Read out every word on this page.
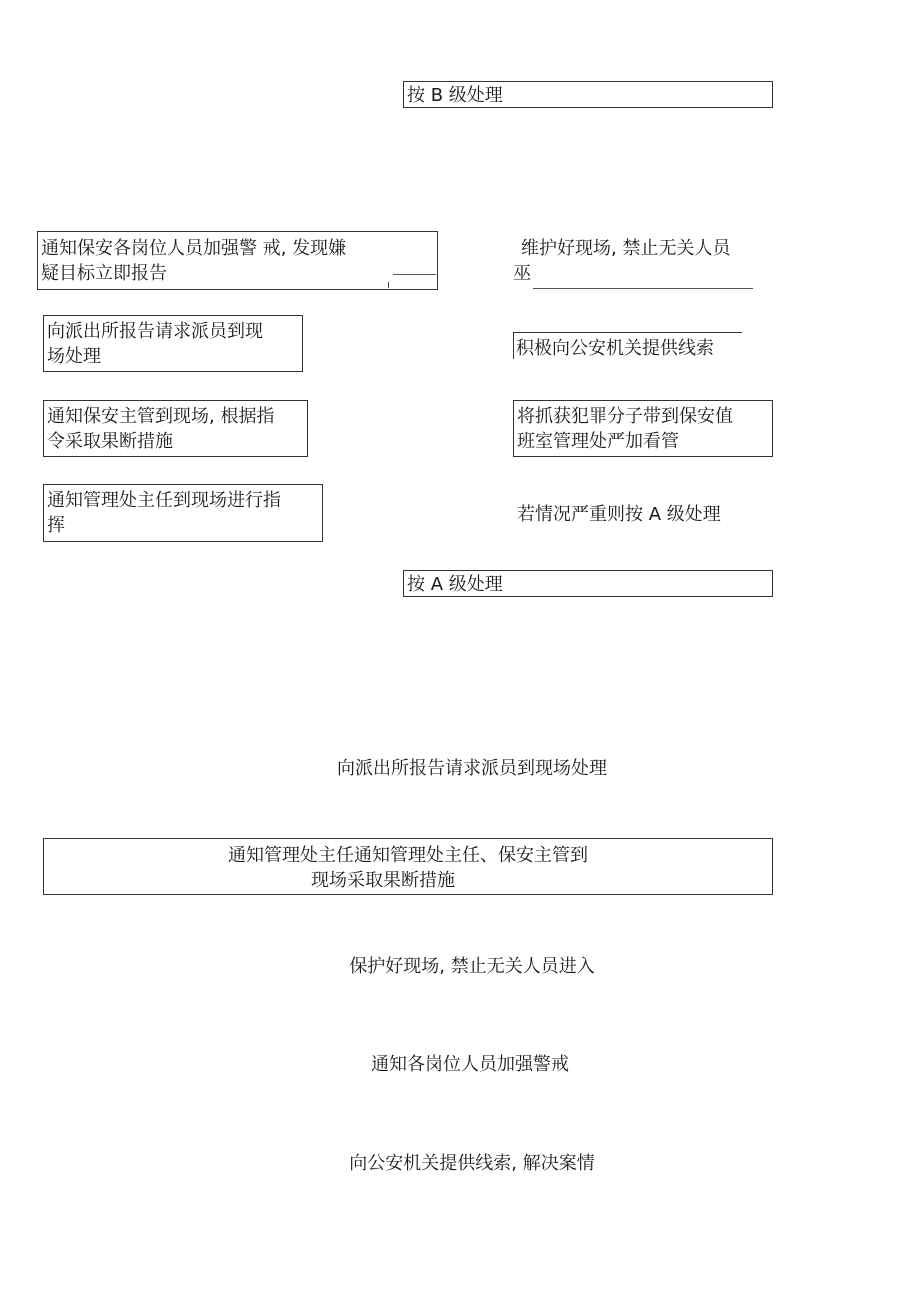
按 B 级处理
通知保安各岗位人员加强警 戒, 发现嫌
疑目标立即报告
向派出所报告请求派员到现
场处理
通知保安主管到现场, 根据指
令采取果断措施
通知管理处主任到现场进行指
挥
维护好现场, 禁止无关人员
巫
积极向公安机关提供线索
将抓获犯罪分子带到保安值
班室管理处严加看管
若情况严重则按 A 级处理
按 A 级处理
向派出所报告请求派员到现场处理
通知管理处主任通知管理处主任、保安主管到
现场采取果断措施
保护好现场, 禁止无关人员进入
通知各岗位人员加强警戒
向公安机关提供线索, 解决案情
